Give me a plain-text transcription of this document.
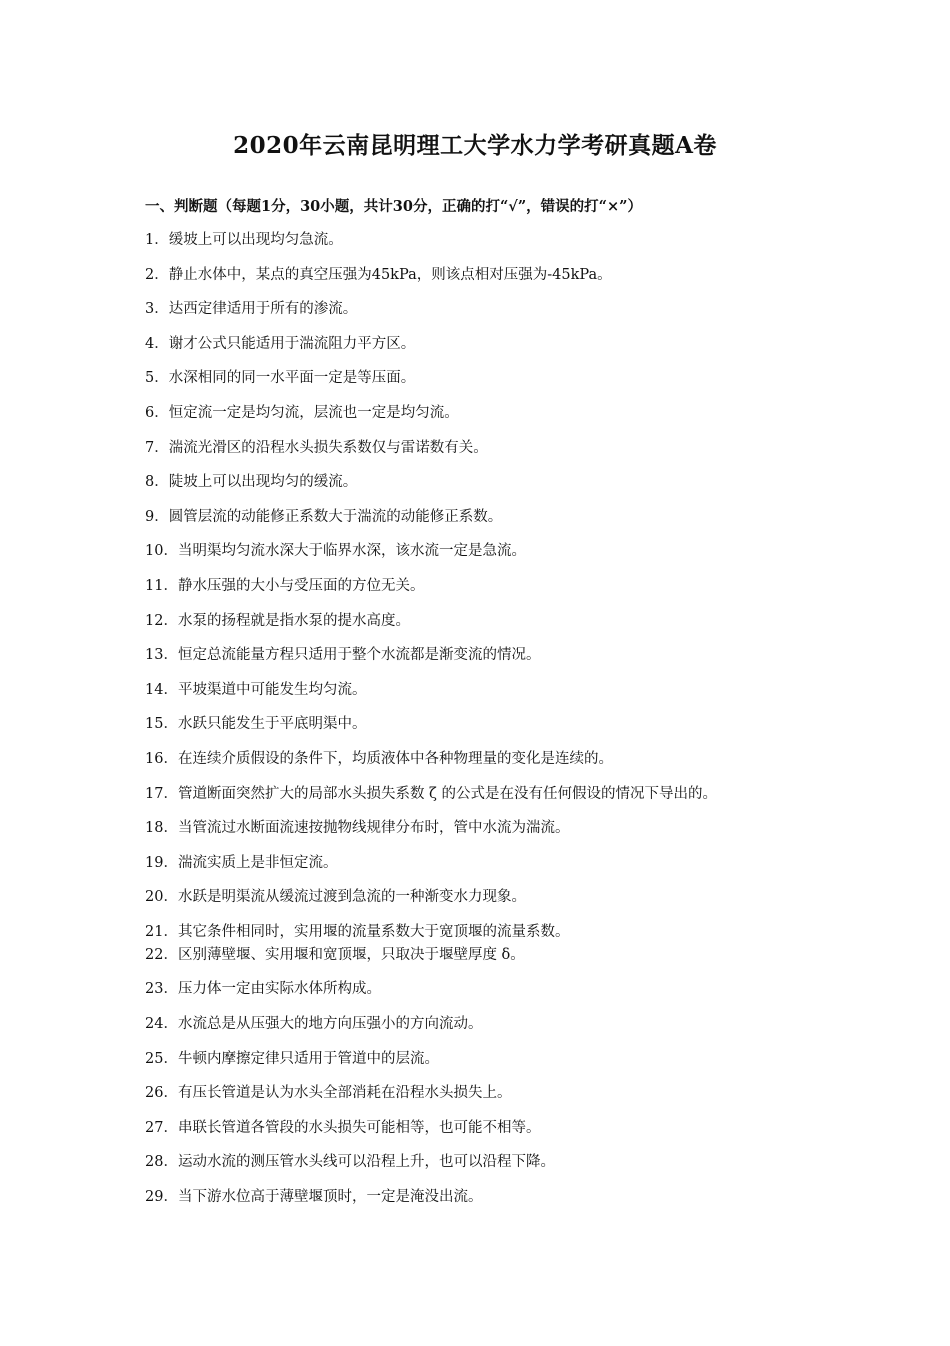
2020年云南昆明理工大学水力学考研真题A卷

一、判断题（每题1分，30小题，共计30分，正确的打“√”，错误的打“×”）

1．缓坡上可以出现均匀急流。
2．静止水体中，某点的真空压强为45kPa，则该点相对压强为-45kPa。
3．达西定律适用于所有的渗流。
4．谢才公式只能适用于湍流阻力平方区。
5．水深相同的同一水平面一定是等压面。
6．恒定流一定是均匀流，层流也一定是均匀流。
7．湍流光滑区的沿程水头损失系数仅与雷诺数有关。
8．陡坡上可以出现均匀的缓流。
9．圆管层流的动能修正系数大于湍流的动能修正系数。
10．当明渠均匀流水深大于临界水深，该水流一定是急流。
11．静水压强的大小与受压面的方位无关。
12．水泵的扬程就是指水泵的提水高度。
13．恒定总流能量方程只适用于整个水流都是渐变流的情况。
14．平坡渠道中可能发生均匀流。
15．水跃只能发生于平底明渠中。
16．在连续介质假设的条件下，均质液体中各种物理量的变化是连续的。
17．管道断面突然扩大的局部水头损失系数 ζ 的公式是在没有任何假设的情况下导出的。
18．当管流过水断面流速按抛物线规律分布时，管中水流为湍流。
19．湍流实质上是非恒定流。
20．水跃是明渠流从缓流过渡到急流的一种渐变水力现象。
21．其它条件相同时，实用堰的流量系数大于宽顶堰的流量系数。
22．区别薄壁堰、实用堰和宽顶堰，只取决于堰壁厚度 δ。
23．压力体一定由实际水体所构成。
24．水流总是从压强大的地方向压强小的方向流动。
25．牛顿内摩擦定律只适用于管道中的层流。
26．有压长管道是认为水头全部消耗在沿程水头损失上。
27．串联长管道各管段的水头损失可能相等，也可能不相等。
28．运动水流的测压管水头线可以沿程上升，也可以沿程下降。
29．当下游水位高于薄壁堰顶时，一定是淹没出流。
